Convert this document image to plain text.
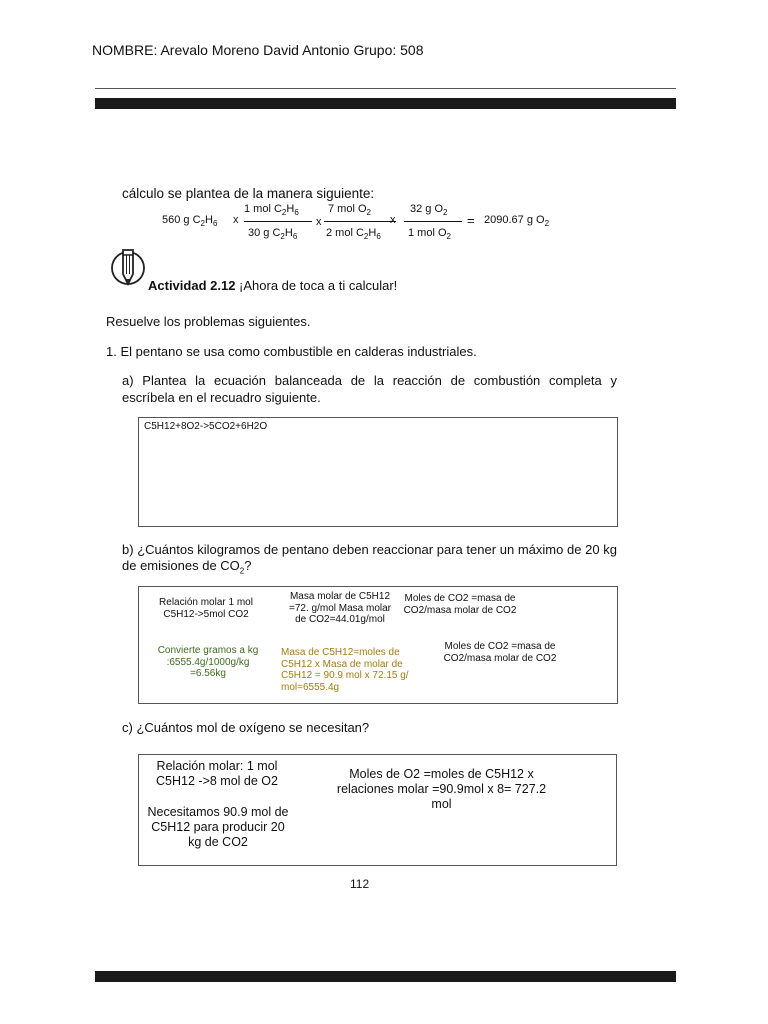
NOMBRE: Arevalo Moreno David Antonio Grupo: 508
cálculo se plantea de la manera siguiente:
560 g $C_2H_6$ x
1 mol $C_2H_6$
30 g $C_2H_6$
x
7 mol $O_2$
2 mol $C_2H_6$
x
32 g $O_2$
1 mol $O_2$
= 2090.67 g $O_2$
Actividad 2.12 ¡Ahora de toca a ti calcular!
Resuelve los problemas siguientes.
1. El pentano se usa como combustible en calderas industriales.
a) Plantea la ecuación balanceada de la reacción de combustión completa y escríbela en el recuadro siguiente.
C5H12+8O2->5CO2+6H2O
b) ¿Cuántos kilogramos de pentano deben reaccionar para tener un máximo de 20 kg de emisiones de $CO_2$?
Relación molar 1 mol C5H12->5mol CO2
Masa molar de C5H12 =72. g/mol Masa molar de CO2=44.01g/mol
Moles de CO2 =masa de CO2/masa molar de CO2
Convierte gramos a kg :6555.4g/1000g/kg =6.56kg
Masa de C5H12=moles de C5H12 x Masa de molar de C5H12 = 90.9 mol x 72.15 g/ mol=6555.4g
Moles de CO2 =masa de CO2/masa molar de CO2
c) ¿Cuántos mol de oxígeno se necesitan?
Relación molar: 1 mol C5H12 ->8 mol de O2
Necesitamos 90.9 mol de C5H12 para producir 20 kg de CO2
Moles de O2 =moles de C5H12 x relaciones molar =90.9mol x 8= 727.2 mol
112
